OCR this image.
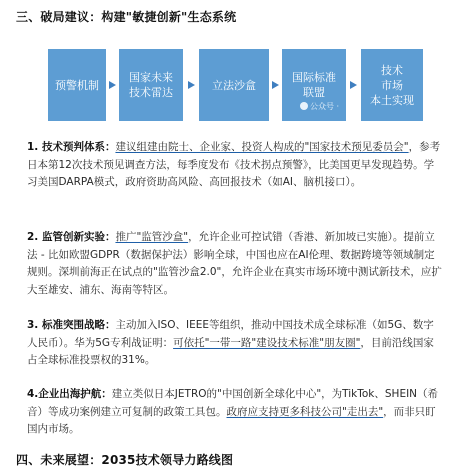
三、破局建议：构建"敏捷创新"生态系统
预警机制
国家未来
技术雷达
立法沙盒
国际标准
联盟
技术
市场
本土实现
公众号 ·
1. 技术预判体系：建议组建由院士、企业家、投资人构成的"国家技术预见委员会"，参考日本第12次技术预见调查方法，每季度发布《技术拐点预警》，比美国更早发现趋势。学习美国DARPA模式，政府资助高风险、高回报技术（如AI、脑机接口）。
2. 监管创新实验：推广"监管沙盒"，允许企业可控试错（香港、新加坡已实施）。提前立法 - 比如欧盟GDPR（数据保护法）影响全球，中国也应在AI伦理、数据跨境等领域制定规则。深圳前海正在试点的"监管沙盒2.0"，允许企业在真实市场环境中测试新技术，应扩大至雄安、浦东、海南等特区。
3. 标准突围战略：主动加入ISO、IEEE等组织，推动中国技术成全球标准（如5G、数字人民币）。华为5G专利战证明：可依托"一带一路"建设技术标准"朋友圈"，目前沿线国家占全球标准投票权的31%。
4.企业出海护航：建立类似日本JETRO的"中国创新全球化中心"，为TikTok、SHEIN（希音）等成功案例建立可复制的政策工具包。政府应支持更多科技公司"走出去"，而非只盯国内市场。
四、未来展望：2035技术领导力路线图
